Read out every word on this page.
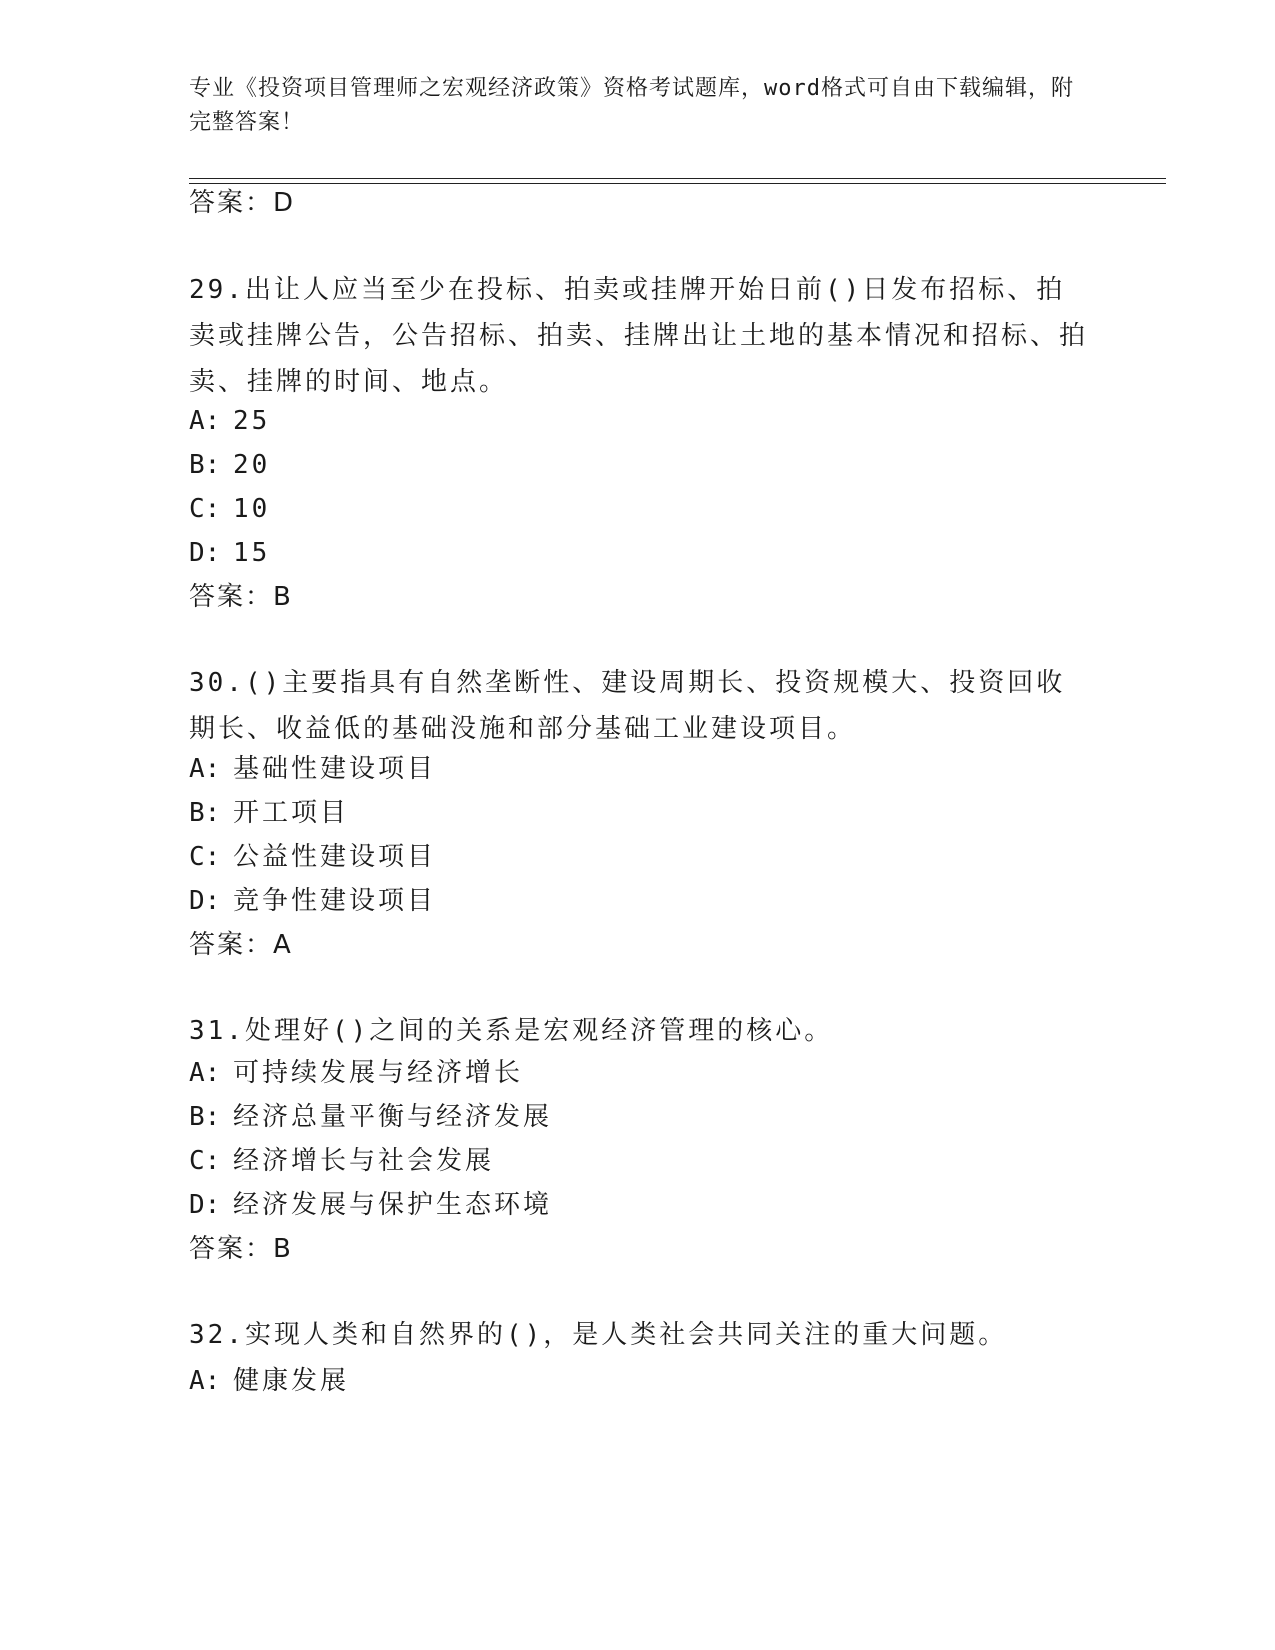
专业《投资项目管理师之宏观经济政策》资格考试题库，word格式可自由下载编辑，附完整答案！
答案：D
29.出让人应当至少在投标、拍卖或挂牌开始日前()日发布招标、拍卖或挂牌公告，公告招标、拍卖、挂牌出让土地的基本情况和招标、拍卖、挂牌的时间、地点。
A: 25
B: 20
C: 10
D: 15
答案：B
30.()主要指具有自然垄断性、建设周期长、投资规模大、投资回收期长、收益低的基础没施和部分基础工业建设项目。
A: 基础性建设项目
B: 开工项目
C: 公益性建设项目
D: 竞争性建设项目
答案：A
31.处理好()之间的关系是宏观经济管理的核心。
A: 可持续发展与经济增长
B: 经济总量平衡与经济发展
C: 经济增长与社会发展
D: 经济发展与保护生态环境
答案：B
32.实现人类和自然界的()，是人类社会共同关注的重大问题。
A: 健康发展
